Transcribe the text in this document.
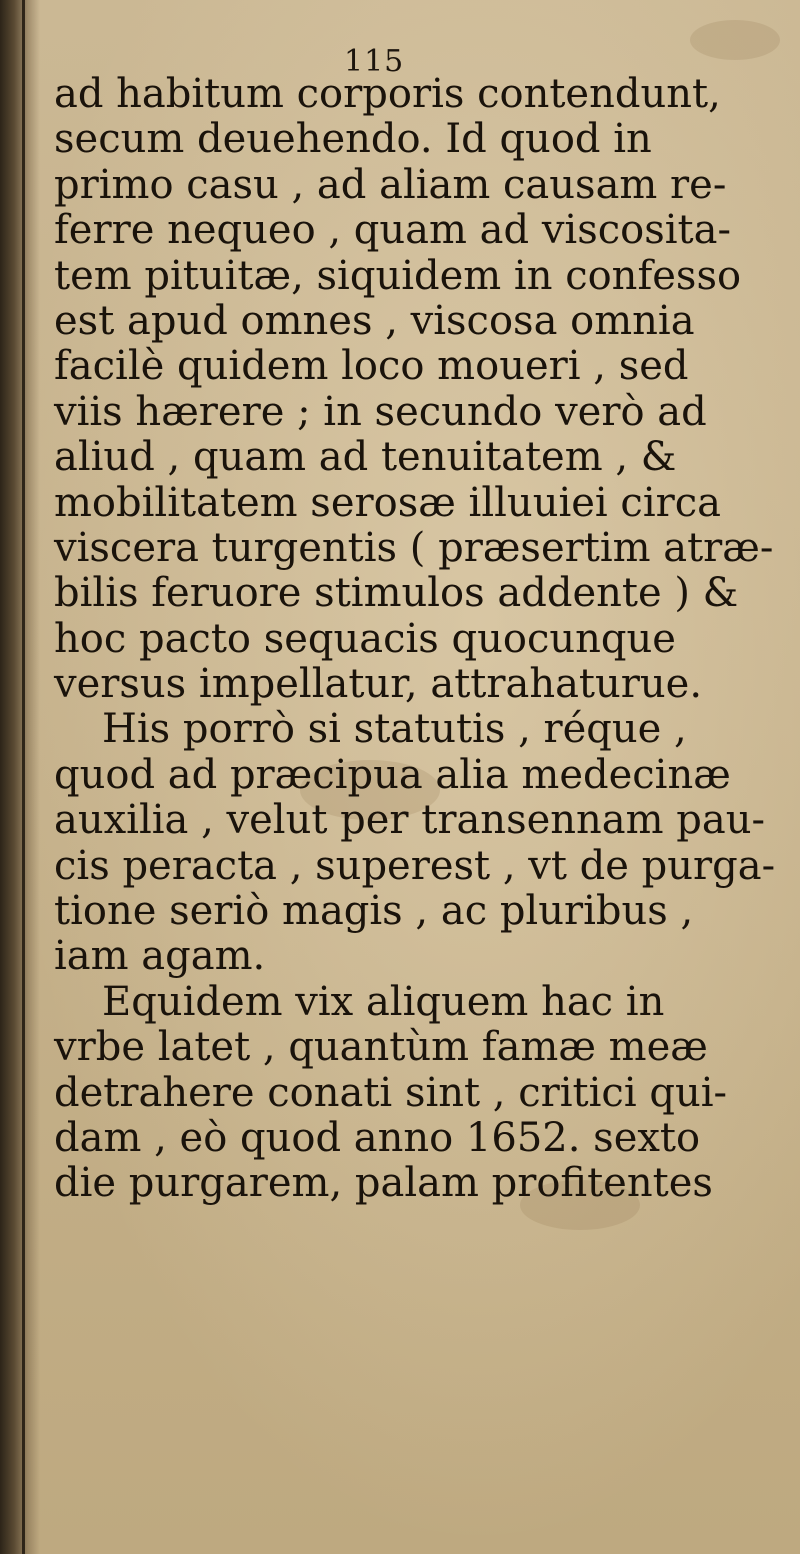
115
ad habitum corporis contendunt,
secum deuehendo. Id quod in
primo casu , ad aliam causam re-
ferre nequeo , quam ad viscosita-
tem pituitæ, siquidem in confesso
est apud omnes , viscosa omnia
facilè quidem loco moueri , sed
viis hærere ; in secundo verò ad
aliud , quam ad tenuitatem , &
mobilitatem serosæ illuuiei circa
viscera turgentis ( præsertim atræ-
bilis feruore stimulos addente ) &
hoc pacto sequacis quocunque
versus impellatur, attrahaturue.
His porrò si statutis , réque ,
quod ad præcipua alia medecinæ
auxilia , velut per transennam pau-
cis peracta , superest , vt de purga-
tione seriò magis , ac pluribus ,
iam agam.
Equidem vix aliquem hac in
vrbe latet , quantùm famæ meæ
detrahere conati sint , critici qui-
dam , eò quod anno 1652. sexto
die purgarem, palam profitentes
